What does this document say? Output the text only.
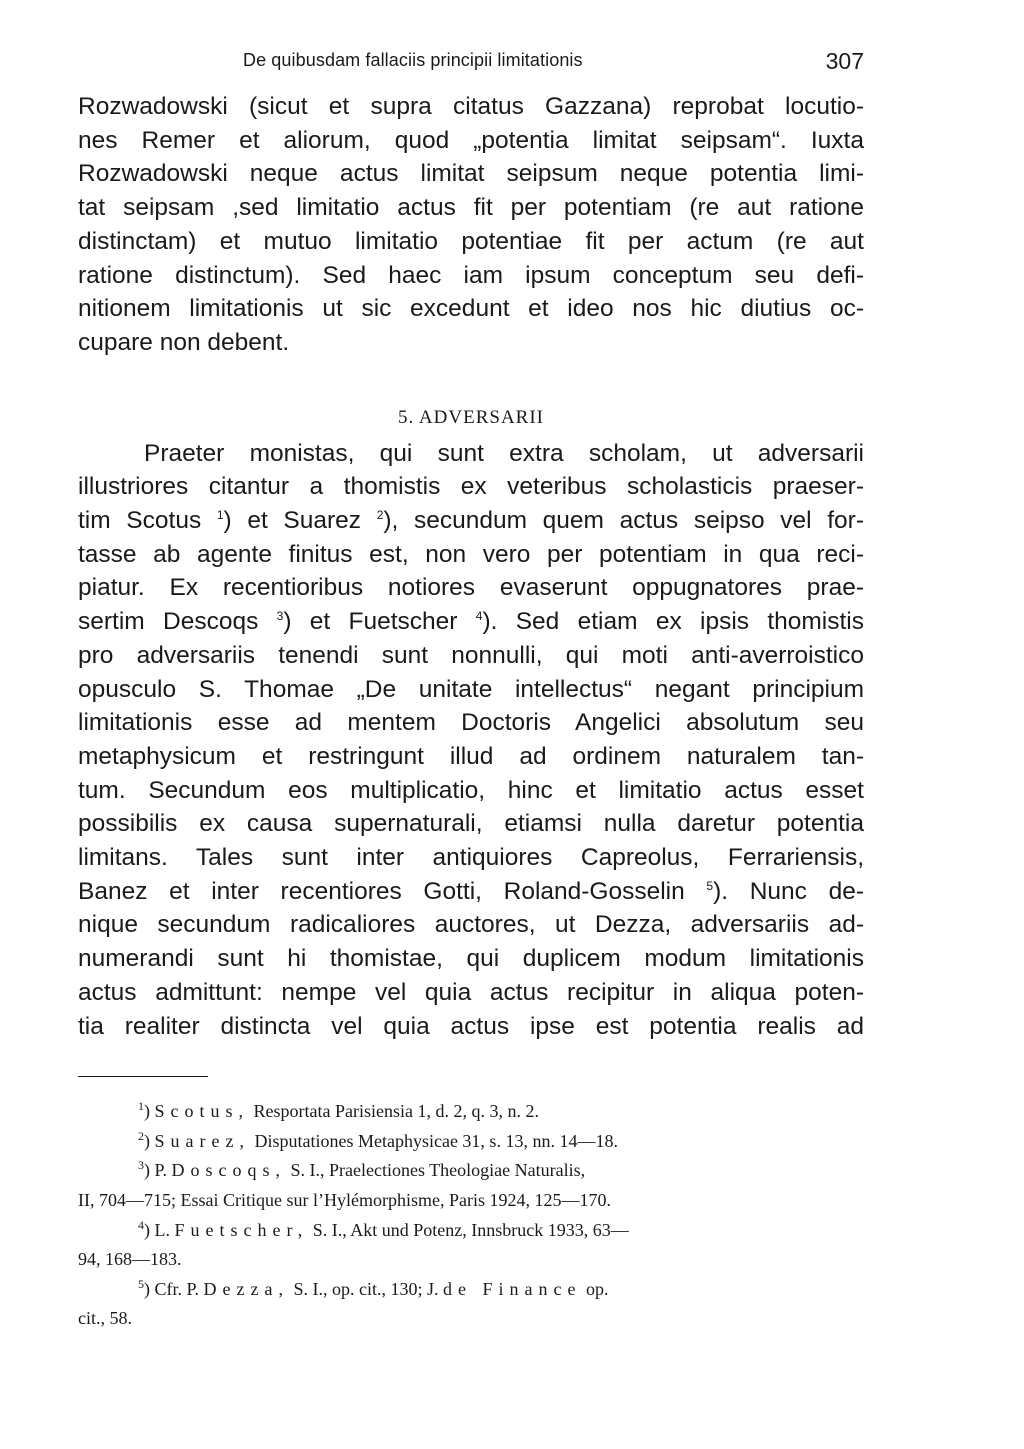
De quibusdam fallaciis principii limitationis	307
Rozwadowski (sicut et supra citatus Gazzana) reprobat locutio-
nes Remer et aliorum, quod „potentia limitat seipsam“. Iuxta
Rozwadowski neque actus limitat seipsum neque potentia limi-
tat seipsam ,sed limitatio actus fit per potentiam (re aut ratione
distinctam) et mutuo limitatio potentiae fit per actum (re aut
ratione distinctum). Sed haec iam ipsum conceptum seu defi-
nitionem limitationis ut sic excedunt et ideo nos hic diutius oc-
cupare non debent.
5. ADVERSARII
Praeter monistas, qui sunt extra scholam, ut adversarii
illustriores citantur a thomistis ex veteribus scholasticis praeser-
tim Scotus $^1$) et Suarez $^2$), secundum quem actus seipso vel for-
tasse ab agente finitus est, non vero per potentiam in qua reci-
piatur. Ex recentioribus notiores evaserunt oppugnatores prae-
sertim Descoqs $^3$) et Fuetscher $^4$). Sed etiam ex ipsis thomistis
pro adversariis tenendi sunt nonnulli, qui moti anti-averroistico
opusculo S. Thomae „De unitate intellectus“ negant principium
limitationis esse ad mentem Doctoris Angelici absolutum seu
metaphysicum et restringunt illud ad ordinem naturalem tan-
tum. Secundum eos multiplicatio, hinc et limitatio actus esset
possibilis ex causa supernaturali, etiamsi nulla daretur potentia
limitans. Tales sunt inter antiquiores Capreolus, Ferrariensis,
Banez et inter recentiores Gotti, Roland-Gosselin $^5$). Nunc de-
nique secundum radicaliores auctores, ut Dezza, adversariis ad-
numerandi sunt hi thomistae, qui duplicem modum limitationis
actus admittunt: nempe vel quia actus recipitur in aliqua poten-
tia realiter distincta vel quia actus ipse est potentia realis ad
$^1$) Scotus, Resportata Parisiensia 1, d. 2, q. 3, n. 2.
$^2$) Suarez, Disputationes Metaphysicae 31, s. 13, nn. 14—18.
$^3$) P. Doscoqs, S. I., Praelectiones Theologiae Naturalis,
II, 704—715; Essai Critique sur l’Hylémorphisme, Paris 1924, 125—170.
$^4$) L. Fuetscher, S. I., Akt und Potenz, Innsbruck 1933, 63—
94, 168—183.
$^5$) Cfr. P. Dezza, S. I., op. cit., 130; J. de Finance op.
cit., 58.
